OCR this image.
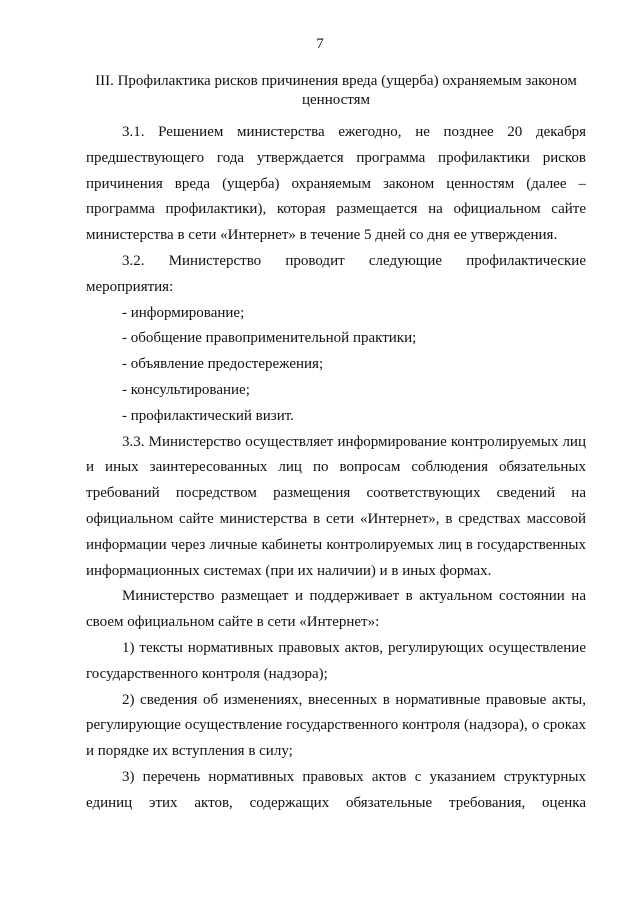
7
III. Профилактика рисков причинения вреда (ущерба) охраняемым законом ценностям

3.1. Решением министерства ежегодно, не позднее 20 декабря предшествующего года утверждается программа профилактики рисков причинения вреда (ущерба) охраняемым законом ценностям (далее – программа профилактики), которая размещается на официальном сайте министерства в сети «Интернет» в течение 5 дней со дня ее утверждения.

3.2. Министерство проводит следующие профилактические мероприятия:

- информирование;

- обобщение правоприменительной практики;

- объявление предостережения;

- консультирование;

- профилактический визит.

3.3. Министерство осуществляет информирование контролируемых лиц и иных заинтересованных лиц по вопросам соблюдения обязательных требований посредством размещения соответствующих сведений на официальном сайте министерства в сети «Интернет», в средствах массовой информации через личные кабинеты контролируемых лиц в государственных информационных системах (при их наличии) и в иных формах.

Министерство размещает и поддерживает в актуальном состоянии на своем официальном сайте в сети «Интернет»:

1) тексты нормативных правовых актов, регулирующих осуществление государственного контроля (надзора);

2) сведения об изменениях, внесенных в нормативные правовые акты, регулирующие осуществление государственного контроля (надзора), о сроках и порядке их вступления в силу;

3) перечень нормативных правовых актов с указанием структурных единиц этих актов, содержащих обязательные требования, оценка
